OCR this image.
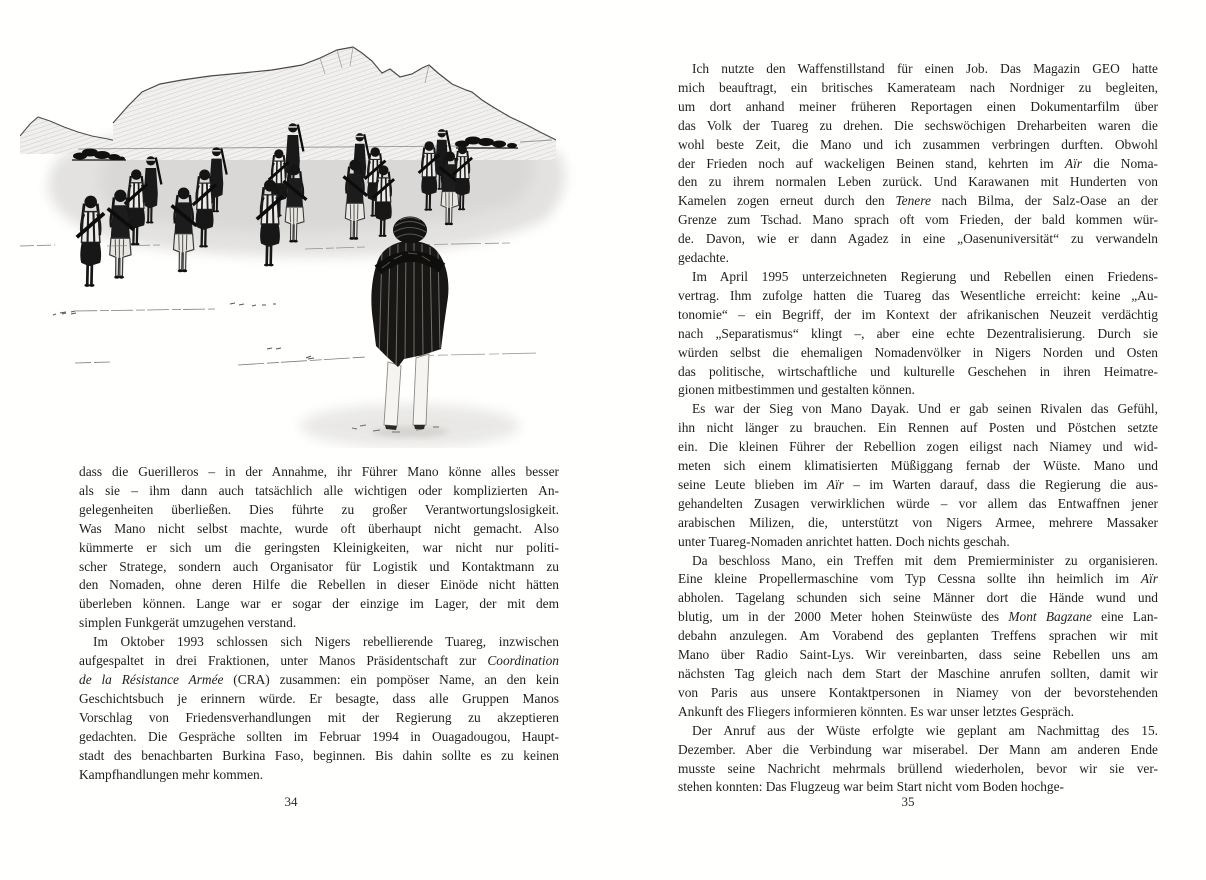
dass die Guerilleros – in der Annahme, ihr Führer Mano könne alles besser
als sie – ihm dann auch tatsächlich alle wichtigen oder komplizierten An-
gelegenheiten überließen. Dies führte zu großer Verantwortungslosigkeit.
Was Mano nicht selbst machte, wurde oft überhaupt nicht gemacht. Also
kümmerte er sich um die geringsten Kleinigkeiten, war nicht nur politi-
scher Stratege, sondern auch Organisator für Logistik und Kontaktmann zu
den Nomaden, ohne deren Hilfe die Rebellen in dieser Einöde nicht hätten
überleben können. Lange war er sogar der einzige im Lager, der mit dem
simplen Funkgerät umzugehen verstand.
Im Oktober 1993 schlossen sich Nigers rebellierende Tuareg, inzwischen
aufgespaltet in drei Fraktionen, unter Manos Präsidentschaft zur Coordination
de la Résistance Armée (CRA) zusammen: ein pompöser Name, an den kein
Geschichtsbuch je erinnern würde. Er besagte, dass alle Gruppen Manos
Vorschlag von Friedensverhandlungen mit der Regierung zu akzeptieren
gedachten. Die Gespräche sollten im Februar 1994 in Ouagadougou, Haupt-
stadt des benachbarten Burkina Faso, beginnen. Bis dahin sollte es zu keinen
Kampfhandlungen mehr kommen.
34
Ich nutzte den Waffenstillstand für einen Job. Das Magazin GEO hatte
mich beauftragt, ein britisches Kamerateam nach Nordniger zu begleiten,
um dort anhand meiner früheren Reportagen einen Dokumentarfilm über
das Volk der Tuareg zu drehen. Die sechswöchigen Dreharbeiten waren die
wohl beste Zeit, die Mano und ich zusammen verbringen durften. Obwohl
der Frieden noch auf wackeligen Beinen stand, kehrten im Aïr die Noma-
den zu ihrem normalen Leben zurück. Und Karawanen mit Hunderten von
Kamelen zogen erneut durch den Tenere nach Bilma, der Salz-Oase an der
Grenze zum Tschad. Mano sprach oft vom Frieden, der bald kommen wür-
de. Davon, wie er dann Agadez in eine „Oasenuniversität“ zu verwandeln
gedachte.
Im April 1995 unterzeichneten Regierung und Rebellen einen Friedens-
vertrag. Ihm zufolge hatten die Tuareg das Wesentliche erreicht: keine „Au-
tonomie“ – ein Begriff, der im Kontext der afrikanischen Neuzeit verdächtig
nach „Separatismus“ klingt –, aber eine echte Dezentralisierung. Durch sie
würden selbst die ehemaligen Nomadenvölker in Nigers Norden und Osten
das politische, wirtschaftliche und kulturelle Geschehen in ihren Heimatre-
gionen mitbestimmen und gestalten können.
Es war der Sieg von Mano Dayak. Und er gab seinen Rivalen das Gefühl,
ihn nicht länger zu brauchen. Ein Rennen auf Posten und Pöstchen setzte
ein. Die kleinen Führer der Rebellion zogen eiligst nach Niamey und wid-
meten sich einem klimatisierten Müßiggang fernab der Wüste. Mano und
seine Leute blieben im Aïr – im Warten darauf, dass die Regierung die aus-
gehandelten Zusagen verwirklichen würde – vor allem das Entwaffnen jener
arabischen Milizen, die, unterstützt von Nigers Armee, mehrere Massaker
unter Tuareg-Nomaden anrichtet hatten. Doch nichts geschah.
Da beschloss Mano, ein Treffen mit dem Premierminister zu organisieren.
Eine kleine Propellermaschine vom Typ Cessna sollte ihn heimlich im Aïr
abholen. Tagelang schunden sich seine Männer dort die Hände wund und
blutig, um in der 2000 Meter hohen Steinwüste des Mont Bagzane eine Lan-
debahn anzulegen. Am Vorabend des geplanten Treffens sprachen wir mit
Mano über Radio Saint-Lys. Wir vereinbarten, dass seine Rebellen uns am
nächsten Tag gleich nach dem Start der Maschine anrufen sollten, damit wir
von Paris aus unsere Kontaktpersonen in Niamey von der bevorstehenden
Ankunft des Fliegers informieren könnten. Es war unser letztes Gespräch.
Der Anruf aus der Wüste erfolgte wie geplant am Nachmittag des 15.
Dezember. Aber die Verbindung war miserabel. Der Mann am anderen Ende
musste seine Nachricht mehrmals brüllend wiederholen, bevor wir sie ver-
stehen konnten: Das Flugzeug war beim Start nicht vom Boden hochge-
35
